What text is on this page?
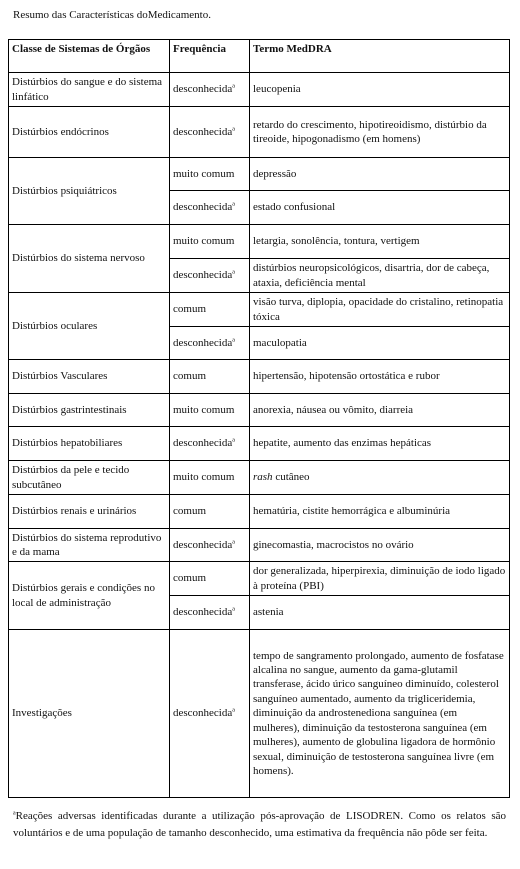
Resumo das Características doMedicamento.
Classe de Sistemas de Órgãos	Frequência	Termo MedDRA
Distúrbios do sangue e do sistema linfático	desconhecida$^a$	leucopenia
Distúrbios endócrinos	desconhecida$^a$	retardo do crescimento, hipotireoidismo, distúrbio da tireoide, hipogonadismo (em homens)
Distúrbios psiquiátricos	muito comum	depressão
	desconhecida$^a$	estado confusional
Distúrbios do sistema nervoso	muito comum	letargia, sonolência, tontura, vertigem
	desconhecida$^a$	distúrbios neuropsicológicos, disartria, dor de cabeça, ataxia, deficiência mental
Distúrbios oculares	comum	visão turva, diplopia, opacidade do cristalino, retinopatia tóxica
	desconhecida$^a$	maculopatia
Distúrbios Vasculares	comum	hipertensão, hipotensão ortostática e rubor
Distúrbios gastrintestinais	muito comum	anorexia, náusea ou vômito, diarreia
Distúrbios hepatobiliares	desconhecida$^a$	hepatite, aumento das enzimas hepáticas
Distúrbios da pele e tecido subcutâneo	muito comum	rash cutâneo
Distúrbios renais e urinários	comum	hematúria, cistite hemorrágica e albuminúria
Distúrbios do sistema reprodutivo e da mama	desconhecida$^a$	ginecomastia, macrocistos no ovário
Distúrbios gerais e condições no local de administração	comum	dor generalizada, hiperpirexia, diminuição de iodo ligado à proteína (PBI)
	desconhecida$^a$	astenia
Investigações	desconhecida$^a$	tempo de sangramento prolongado, aumento de fosfatase alcalina no sangue, aumento da gama-glutamil transferase, ácido úrico sanguíneo diminuído, colesterol sanguíneo aumentado, aumento da trigliceridemia, diminuição da androstenediona sanguínea (em mulheres), diminuição da testosterona sanguínea (em mulheres), aumento de globulina ligadora de hormônio sexual, diminuição de testosterona sanguínea livre (em homens).
$^a$Reações adversas identificadas durante a utilização pós-aprovação de LISODREN. Como os relatos são voluntários e de uma população de tamanho desconhecido, uma estimativa da frequência não pôde ser feita.
